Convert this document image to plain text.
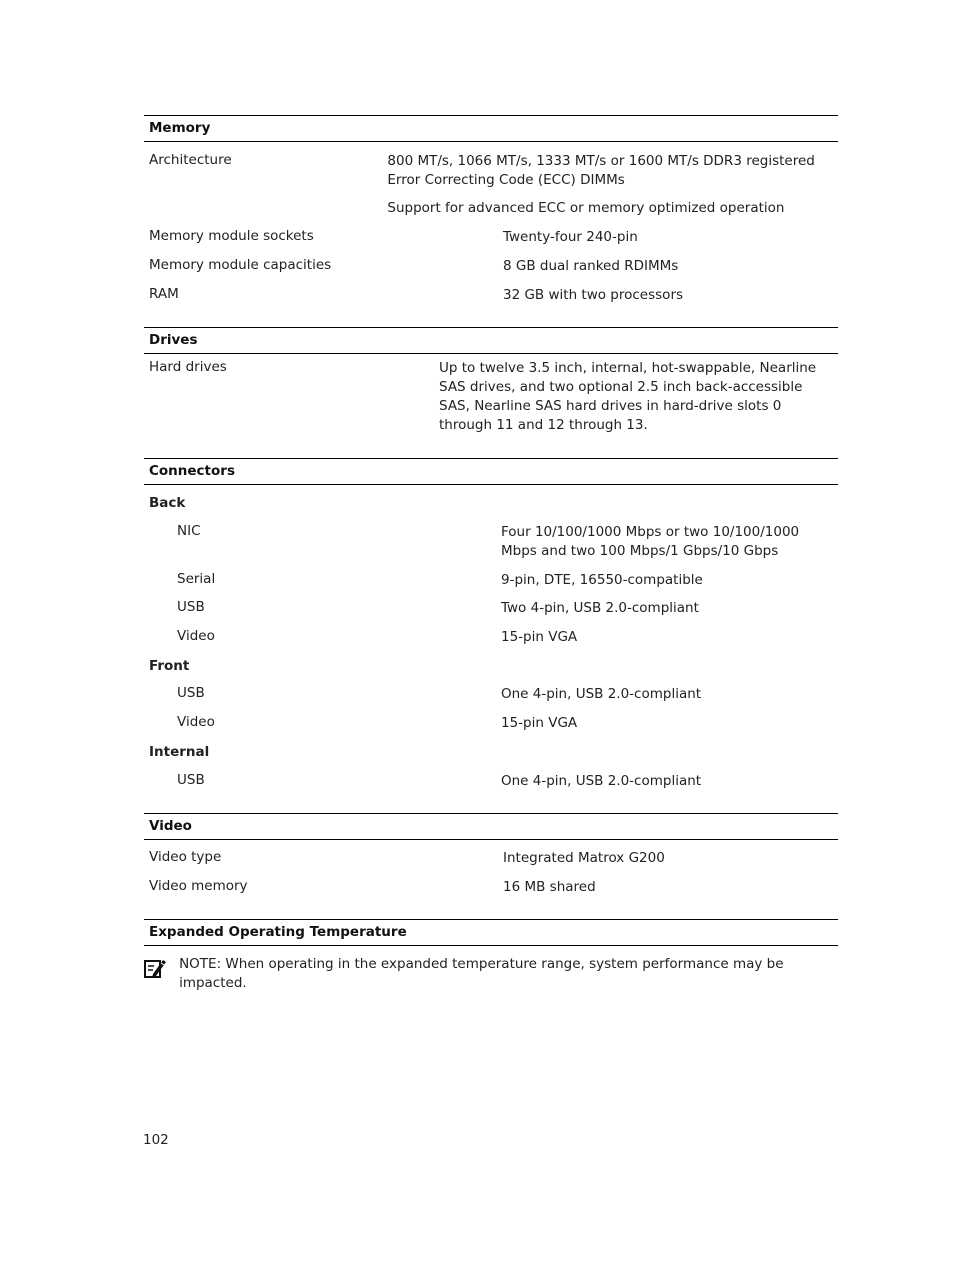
Memory
Architecture	800 MT/s, 1066 MT/s, 1333 MT/s or 1600 MT/s DDR3 registered Error Correcting Code (ECC) DIMMs

Support for advanced ECC or memory optimized operation

Memory module sockets	Twenty-four 240-pin
Memory module capacities	8 GB dual ranked RDIMMs
RAM	32 GB with two processors
Drives
Hard drives	Up to twelve 3.5 inch, internal, hot-swappable, Nearline SAS drives, and two optional 2.5 inch back-accessible SAS, Nearline SAS hard drives in hard-drive slots 0 through 11 and 12 through 13.
Connectors
Back
NIC	Four 10/100/1000 Mbps or two 10/100/1000 Mbps and two 100 Mbps/1 Gbps/10 Gbps
Serial	9-pin, DTE, 16550-compatible
USB	Two 4-pin, USB 2.0-compliant
Video	15-pin VGA
Front
USB	One 4-pin, USB 2.0-compliant
Video	15-pin VGA
Internal
USB	One 4-pin, USB 2.0-compliant
Video
Video type	Integrated Matrox G200
Video memory	16 MB shared
Expanded Operating Temperature
NOTE: When operating in the expanded temperature range, system performance may be impacted.
102
